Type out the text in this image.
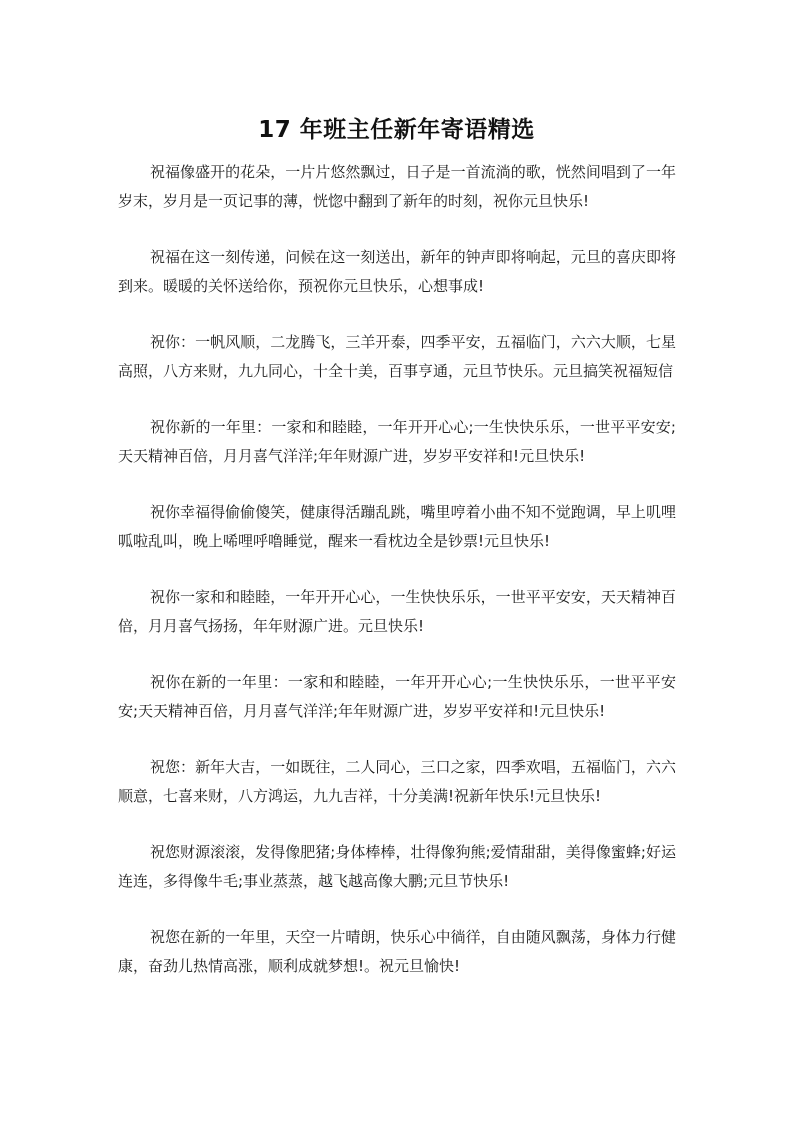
17 年班主任新年寄语精选

祝福像盛开的花朵，一片片悠然飘过，日子是一首流淌的歌，恍然间唱到了一年岁末，岁月是一页记事的薄，恍惚中翻到了新年的时刻，祝你元旦快乐!

祝福在这一刻传递，问候在这一刻送出，新年的钟声即将响起，元旦的喜庆即将到来。暖暖的关怀送给你，预祝你元旦快乐，心想事成!

祝你：一帆风顺，二龙腾飞，三羊开泰，四季平安，五福临门，六六大顺，七星高照，八方来财，九九同心，十全十美，百事亨通，元旦节快乐。元旦搞笑祝福短信

祝你新的一年里：一家和和睦睦，一年开开心心;一生快快乐乐，一世平平安安;天天精神百倍，月月喜气洋洋;年年财源广进，岁岁平安祥和!元旦快乐!

祝你幸福得偷偷傻笑，健康得活蹦乱跳，嘴里哼着小曲不知不觉跑调，早上叽哩呱啦乱叫，晚上唏哩呼噜睡觉，醒来一看枕边全是钞票!元旦快乐!

祝你一家和和睦睦，一年开开心心，一生快快乐乐，一世平平安安，天天精神百倍，月月喜气扬扬，年年财源广进。元旦快乐!

祝你在新的一年里：一家和和睦睦，一年开开心心;一生快快乐乐，一世平平安安;天天精神百倍，月月喜气洋洋;年年财源广进，岁岁平安祥和!元旦快乐!

祝您：新年大吉，一如既往，二人同心，三口之家，四季欢唱，五福临门，六六顺意，七喜来财，八方鸿运，九九吉祥，十分美满!祝新年快乐!元旦快乐!

祝您财源滚滚，发得像肥猪;身体棒棒，壮得像狗熊;爱情甜甜，美得像蜜蜂;好运连连，多得像牛毛;事业蒸蒸，越飞越高像大鹏;元旦节快乐!

祝您在新的一年里，天空一片晴朗，快乐心中徜徉，自由随风飘荡，身体力行健康，奋劲儿热情高涨，顺利成就梦想!。祝元旦愉快!
